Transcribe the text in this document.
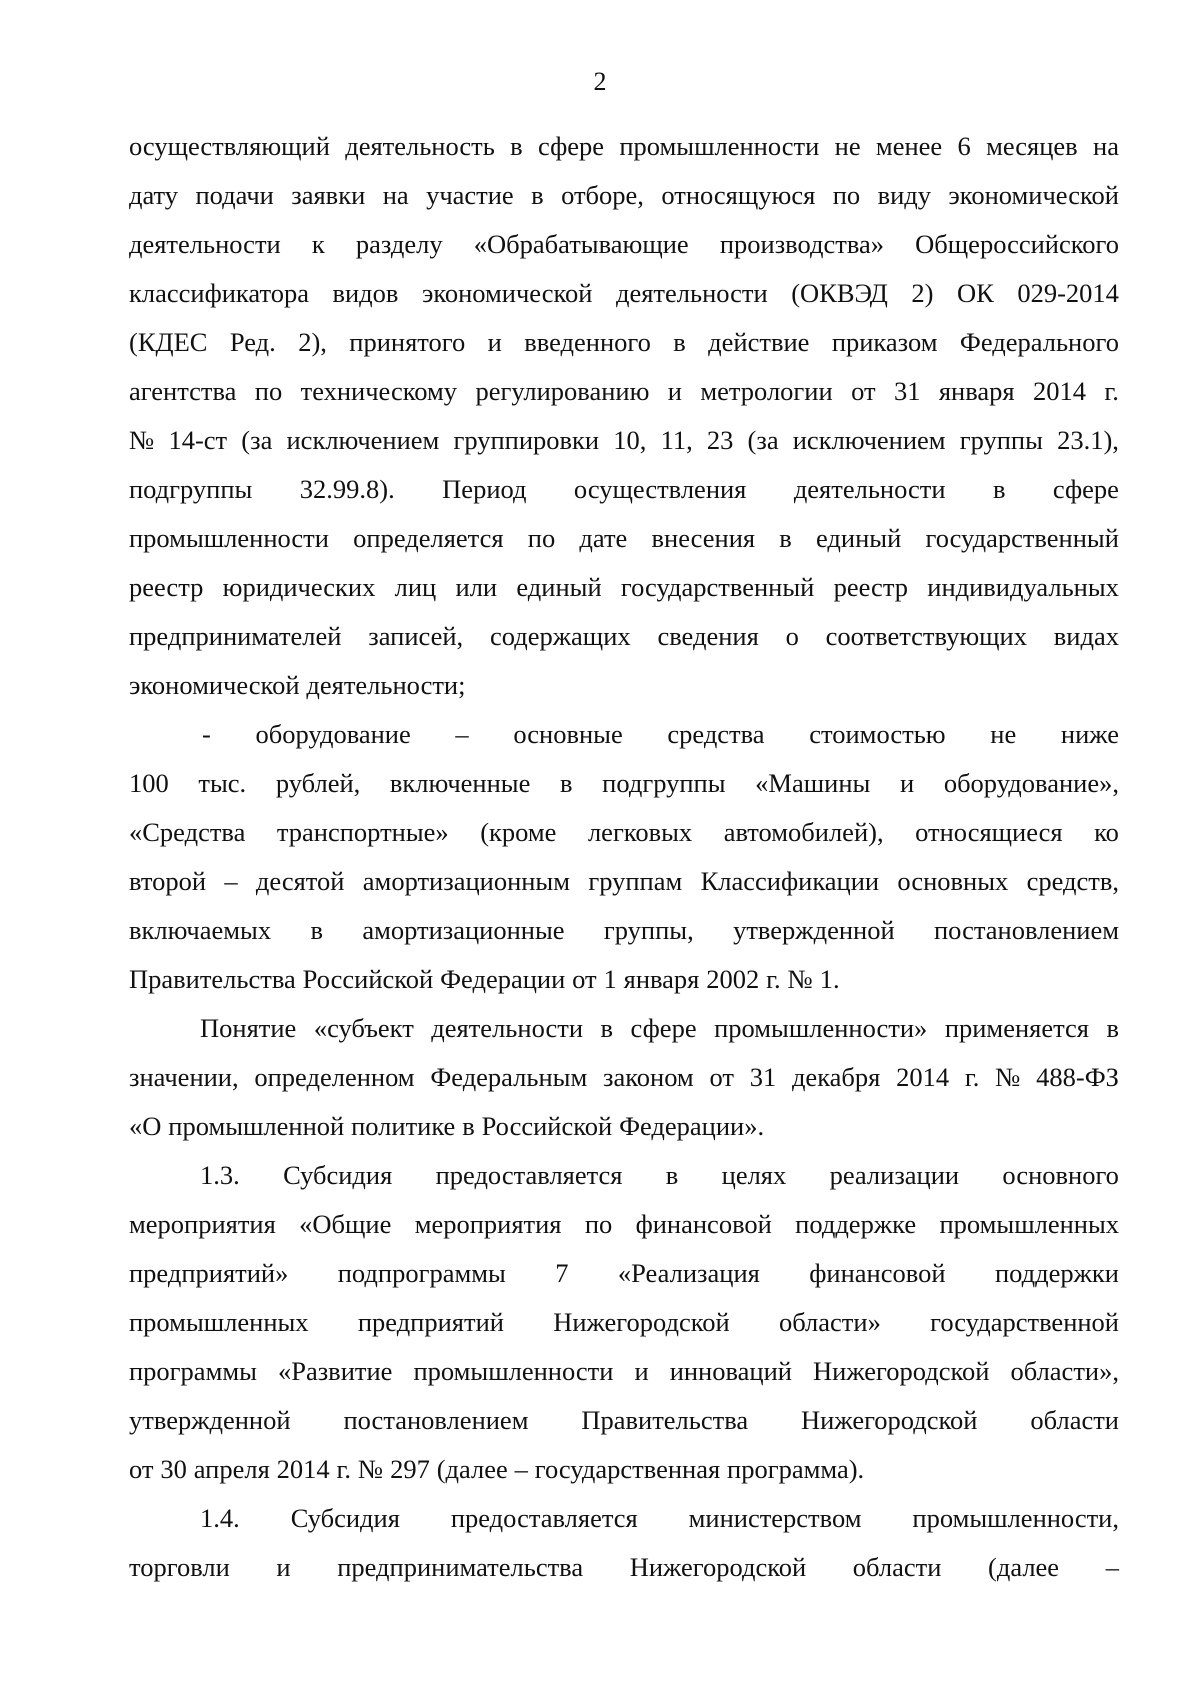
2
осуществляющий деятельность в сфере промышленности не менее 6 месяцев на
дату подачи заявки на участие в отборе, относящуюся по виду экономической
деятельности к разделу «Обрабатывающие производства» Общероссийского
классификатора видов экономической деятельности (ОКВЭД 2) ОК 029-2014
(КДЕС Ред. 2), принятого и введенного в действие приказом Федерального
агентства по техническому регулированию и метрологии от 31 января 2014 г.
№ 14-ст (за исключением группировки 10, 11, 23 (за исключением группы 23.1),
подгруппы 32.99.8). Период осуществления деятельности в сфере
промышленности определяется по дате внесения в единый государственный
реестр юридических лиц или единый государственный реестр индивидуальных
предпринимателей записей, содержащих сведения о соответствующих видах
экономической деятельности;
- оборудование – основные средства стоимостью не ниже
100 тыс. рублей, включенные в подгруппы «Машины и оборудование»,
«Средства транспортные» (кроме легковых автомобилей), относящиеся ко
второй – десятой амортизационным группам Классификации основных средств,
включаемых в амортизационные группы, утвержденной постановлением
Правительства Российской Федерации от 1 января 2002 г. № 1.
Понятие «субъект деятельности в сфере промышленности» применяется в
значении, определенном Федеральным законом от 31 декабря 2014 г. № 488-ФЗ
«О промышленной политике в Российской Федерации».
1.3. Субсидия предоставляется в целях реализации основного
мероприятия «Общие мероприятия по финансовой поддержке промышленных
предприятий» подпрограммы 7 «Реализация финансовой поддержки
промышленных предприятий Нижегородской области» государственной
программы «Развитие промышленности и инноваций Нижегородской области»,
утвержденной постановлением Правительства Нижегородской области
от 30 апреля 2014 г. № 297 (далее – государственная программа).
1.4. Субсидия предоставляется министерством промышленности,
торговли и предпринимательства Нижегородской области (далее –
